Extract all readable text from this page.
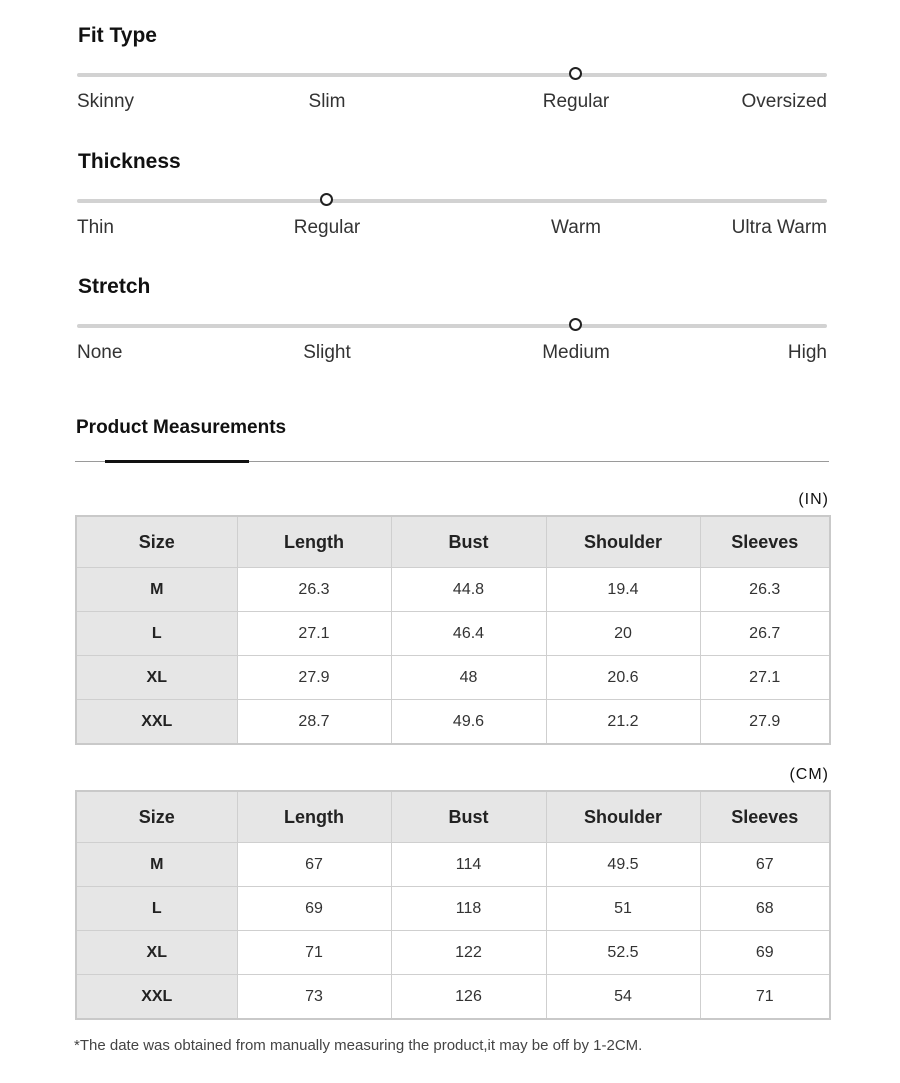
Fit Type
Skinny	Slim	Regular	Oversized
Thickness
Thin	Regular	Warm	Ultra Warm
Stretch
None	Slight	Medium	High
Product Measurements
(IN)
Size	Length	Bust	Shoulder	Sleeves
M	26.3	44.8	19.4	26.3
L	27.1	46.4	20	26.7
XL	27.9	48	20.6	27.1
XXL	28.7	49.6	21.2	27.9
(CM)
Size	Length	Bust	Shoulder	Sleeves
M	67	114	49.5	67
L	69	118	51	68
XL	71	122	52.5	69
XXL	73	126	54	71
*The date was obtained from manually measuring the product,it may be off by 1-2CM.
